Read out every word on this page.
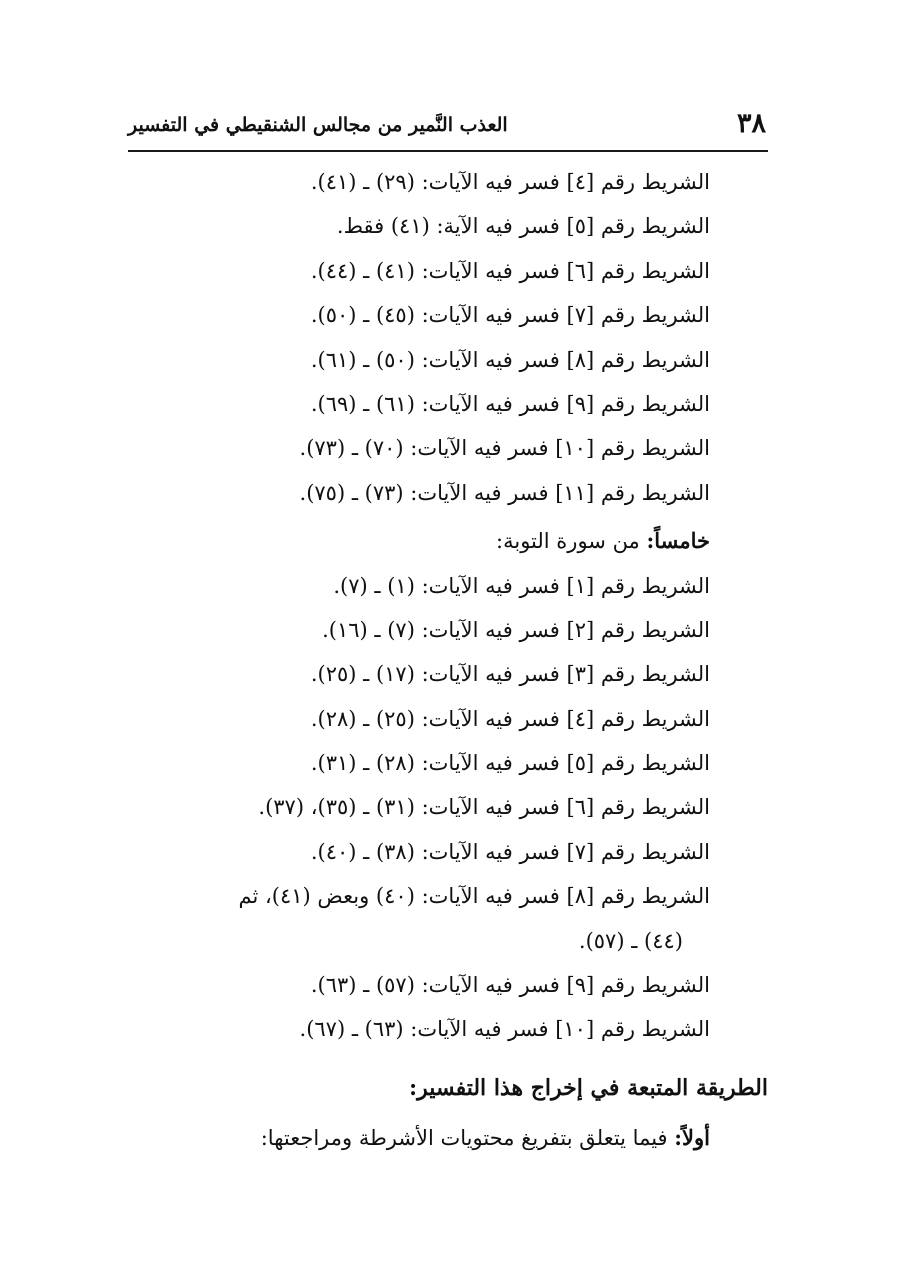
٣٨
العذب النَّمير من مجالس الشنقيطي في التفسير
الشريط رقم [٤] فسر فيه الآيات: (٢٩) ـ (٤١).
الشريط رقم [٥] فسر فيه الآية: (٤١) فقط.
الشريط رقم [٦] فسر فيه الآيات: (٤١) ـ (٤٤).
الشريط رقم [٧] فسر فيه الآيات: (٤٥) ـ (٥٠).
الشريط رقم [٨] فسر فيه الآيات: (٥٠) ـ (٦١).
الشريط رقم [٩] فسر فيه الآيات: (٦١) ـ (٦٩).
الشريط رقم [١٠] فسر فيه الآيات: (٧٠) ـ (٧٣).
الشريط رقم [١١] فسر فيه الآيات: (٧٣) ـ (٧٥).
خامساً: من سورة التوبة:
الشريط رقم [١] فسر فيه الآيات: (١) ـ (٧).
الشريط رقم [٢] فسر فيه الآيات: (٧) ـ (١٦).
الشريط رقم [٣] فسر فيه الآيات: (١٧) ـ (٢٥).
الشريط رقم [٤] فسر فيه الآيات: (٢٥) ـ (٢٨).
الشريط رقم [٥] فسر فيه الآيات: (٢٨) ـ (٣١).
الشريط رقم [٦] فسر فيه الآيات: (٣١) ـ (٣٥)، (٣٧).
الشريط رقم [٧] فسر فيه الآيات: (٣٨) ـ (٤٠).
الشريط رقم [٨] فسر فيه الآيات: (٤٠) وبعض (٤١)، ثم
(٤٤) ـ (٥٧).
الشريط رقم [٩] فسر فيه الآيات: (٥٧) ـ (٦٣).
الشريط رقم [١٠] فسر فيه الآيات: (٦٣) ـ (٦٧).
الطريقة المتبعة في إخراج هذا التفسير:
أولاً: فيما يتعلق بتفريغ محتويات الأشرطة ومراجعتها:
